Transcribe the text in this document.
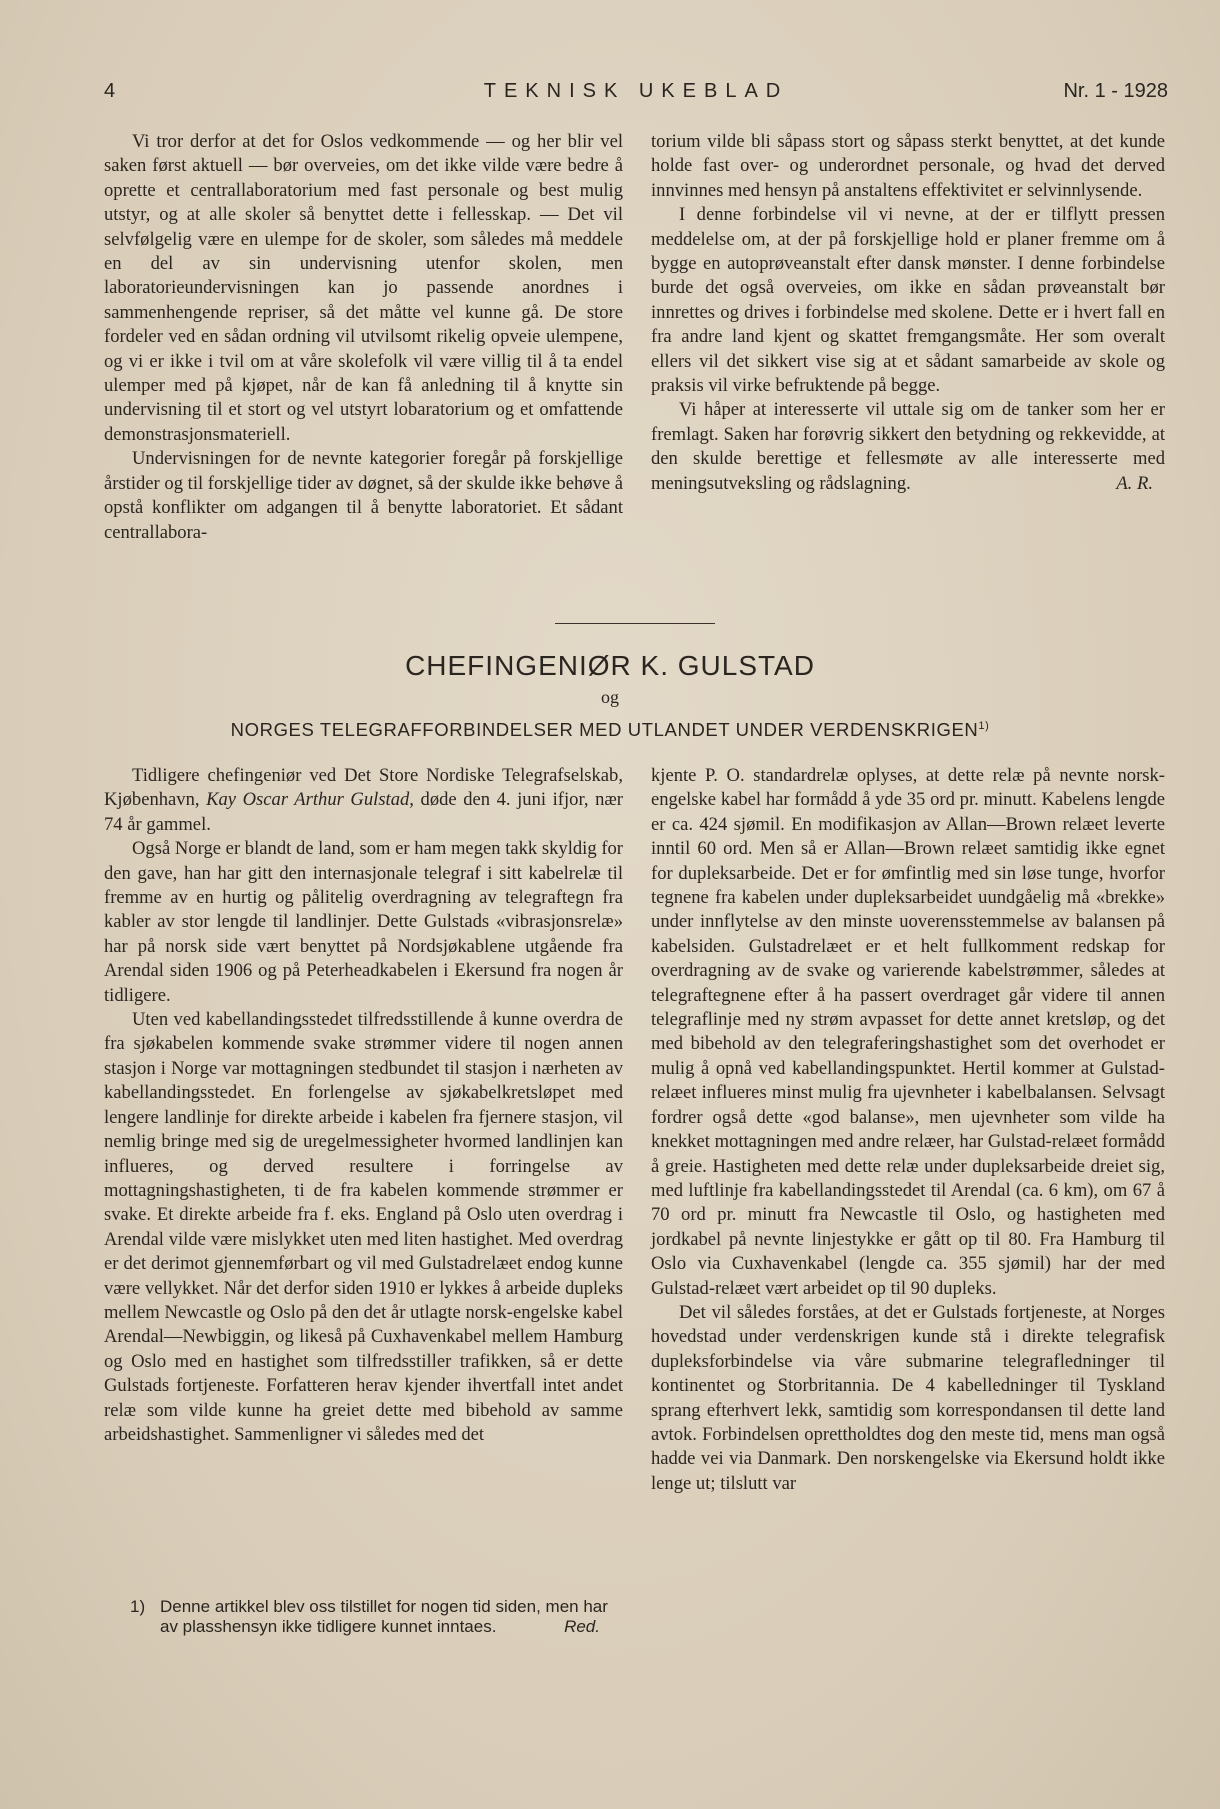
4	TEKNISK UKEBLAD	Nr. 1 - 1928

Vi tror derfor at det for Oslos vedkommende — og her blir vel saken først aktuell — bør overveies, om det ikke vilde være bedre å oprette et centrallaboratorium med fast personale og best mulig utstyr, og at alle skoler så benyttet dette i fellesskap. — Det vil selvfølgelig være en ulempe for de skoler, som således må meddele en del av sin undervisning utenfor skolen, men laboratorieundervisningen kan jo passende anordnes i sammenhengende repriser, så det måtte vel kunne gå. De store fordeler ved en sådan ordning vil utvilsomt rikelig opveie ulempene, og vi er ikke i tvil om at våre skolefolk vil være villig til å ta endel ulemper med på kjøpet, når de kan få anledning til å knytte sin undervisning til et stort og vel utstyrt lobaratorium og et omfattende demonstrasjonsmateriell.

Undervisningen for de nevnte kategorier foregår på forskjellige årstider og til forskjellige tider av døgnet, så der skulde ikke behøve å opstå konflikter om adgangen til å benytte laboratoriet. Et sådant centrallabora-

torium vilde bli såpass stort og såpass sterkt benyttet, at det kunde holde fast over- og underordnet personale, og hvad det derved innvinnes med hensyn på anstaltens effektivitet er selvinnlysende.

I denne forbindelse vil vi nevne, at der er tilflytt pressen meddelelse om, at der på forskjellige hold er planer fremme om å bygge en autoprøveanstalt efter dansk mønster. I denne forbindelse burde det også overveies, om ikke en sådan prøveanstalt bør innrettes og drives i forbindelse med skolene. Dette er i hvert fall en fra andre land kjent og skattet fremgangsmåte. Her som overalt ellers vil det sikkert vise sig at et sådant samarbeide av skole og praksis vil virke befruktende på begge.

Vi håper at interesserte vil uttale sig om de tanker som her er fremlagt. Saken har forøvrig sikkert den betydning og rekkevidde, at den skulde berettige et fellesmøte av alle interesserte med meningsutveksling og rådslagning.	A. R.

CHEFINGENIØR K. GULSTAD
og
NORGES TELEGRAFFORBINDELSER MED UTLANDET UNDER VERDENSKRIGEN$^{1)}$

Tidligere chefingeniør ved Det Store Nordiske Telegrafselskab, Kjøbenhavn, Kay Oscar Arthur Gulstad, døde den 4. juni ifjor, nær 74 år gammel.

Også Norge er blandt de land, som er ham megen takk skyldig for den gave, han har gitt den internasjonale telegraf i sitt kabelrelæ til fremme av en hurtig og pålitelig overdragning av telegraftegn fra kabler av stor lengde til landlinjer. Dette Gulstads «vibrasjonsrelæ» har på norsk side vært benyttet på Nordsjøkablene utgående fra Arendal siden 1906 og på Peterheadkabelen i Ekersund fra nogen år tidligere.

Uten ved kabellandingsstedet tilfredsstillende å kunne overdra de fra sjøkabelen kommende svake strømmer videre til nogen annen stasjon i Norge var mottagningen stedbundet til stasjon i nærheten av kabellandingsstedet. En forlengelse av sjøkabelkretsløpet med lengere landlinje for direkte arbeide i kabelen fra fjernere stasjon, vil nemlig bringe med sig de uregelmessigheter hvormed landlinjen kan influeres, og derved resultere i forringelse av mottagningshastigheten, ti de fra kabelen kommende strømmer er svake. Et direkte arbeide fra f. eks. England på Oslo uten overdrag i Arendal vilde være mislykket uten med liten hastighet. Med overdrag er det derimot gjennemførbart og vil med Gulstadrelæet endog kunne være vellykket. Når det derfor siden 1910 er lykkes å arbeide dupleks mellem Newcastle og Oslo på den det år utlagte norsk-engelske kabel Arendal—Newbiggin, og likeså på Cuxhavenkabel mellem Hamburg og Oslo med en hastighet som tilfredsstiller trafikken, så er dette Gulstads fortjeneste. Forfatteren herav kjender ihvertfall intet andet relæ som vilde kunne ha greiet dette med bibehold av samme arbeidshastighet. Sammenligner vi således med det

kjente P. O. standardrelæ oplyses, at dette relæ på nevnte norsk-engelske kabel har formådd å yde 35 ord pr. minutt. Kabelens lengde er ca. 424 sjømil. En modifikasjon av Allan—Brown relæet leverte inntil 60 ord. Men så er Allan—Brown relæet samtidig ikke egnet for dupleksarbeide. Det er for ømfintlig med sin løse tunge, hvorfor tegnene fra kabelen under dupleksarbeidet uundgåelig må «brekke» under innflytelse av den minste uoverensstemmelse av balansen på kabelsiden. Gulstadrelæet er et helt fullkomment redskap for overdragning av de svake og varierende kabelstrømmer, således at telegraftegnene efter å ha passert overdraget går videre til annen telegraflinje med ny strøm avpasset for dette annet kretsløp, og det med bibehold av den telegraferingshastighet som det overhodet er mulig å opnå ved kabellandingspunktet. Hertil kommer at Gulstad-relæet influeres minst mulig fra ujevnheter i kabelbalansen. Selvsagt fordrer også dette «god balanse», men ujevnheter som vilde ha knekket mottagningen med andre relæer, har Gulstad-relæet formådd å greie. Hastigheten med dette relæ under dupleksarbeide dreiet sig, med luftlinje fra kabellandingsstedet til Arendal (ca. 6 km), om 67 å 70 ord pr. minutt fra Newcastle til Oslo, og hastigheten med jordkabel på nevnte linjestykke er gått op til 80. Fra Hamburg til Oslo via Cuxhavenkabel (lengde ca. 355 sjømil) har der med Gulstad-relæet vært arbeidet op til 90 dupleks.

Det vil således forståes, at det er Gulstads fortjeneste, at Norges hovedstad under verdenskrigen kunde stå i direkte telegrafisk dupleksforbindelse via våre submarine telegrafledninger til kontinentet og Storbritannia. De 4 kabelledninger til Tyskland sprang efterhvert lekk, samtidig som korrespondansen til dette land avtok. Forbindelsen oprettholdtes dog den meste tid, mens man også hadde vei via Danmark. Den norskengelske via Ekersund holdt ikke lenge ut; tilslutt var

1) Denne artikkel blev oss tilstillet for nogen tid siden, men har av plasshensyn ikke tidligere kunnet inntaes.	Red.
